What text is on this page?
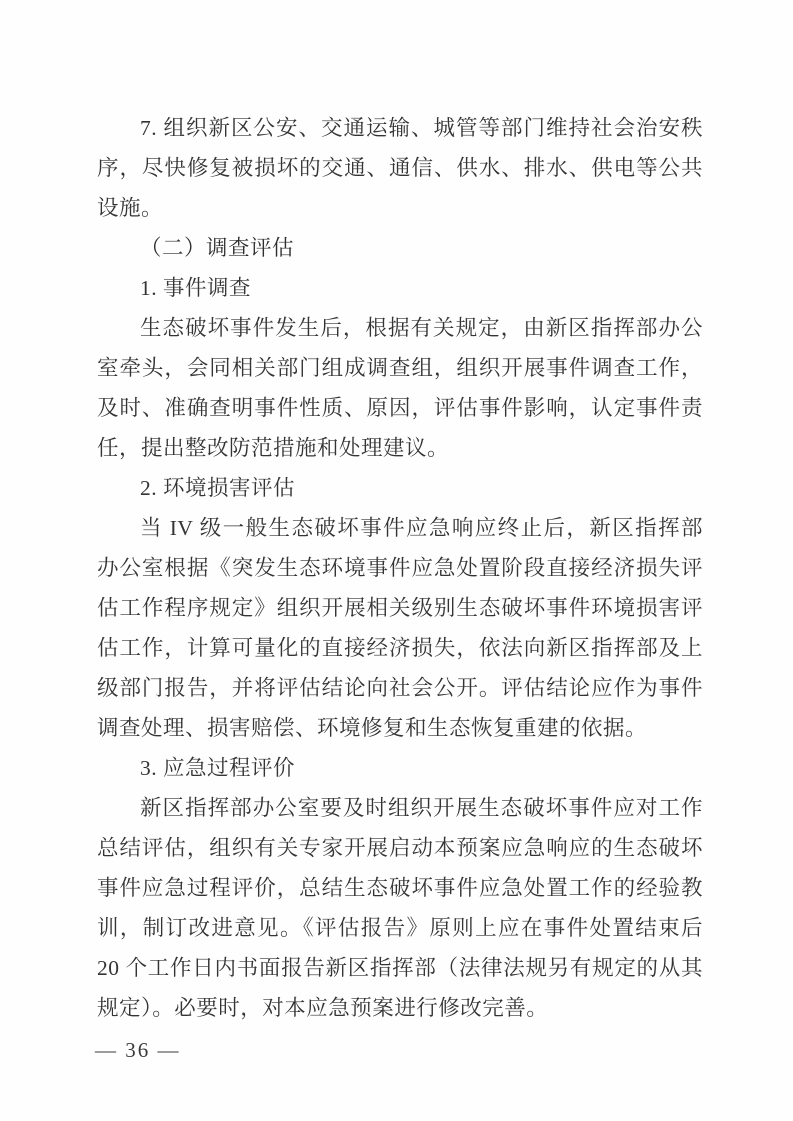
7. 组织新区公安、交通运输、城管等部门维持社会治安秩序，尽快修复被损坏的交通、通信、供水、排水、供电等公共设施。

（二）调查评估
1. 事件调查

生态破坏事件发生后，根据有关规定，由新区指挥部办公室牵头，会同相关部门组成调查组，组织开展事件调查工作，及时、准确查明事件性质、原因，评估事件影响，认定事件责任，提出整改防范措施和处理建议。

2. 环境损害评估

当 IV 级一般生态破坏事件应急响应终止后，新区指挥部办公室根据《突发生态环境事件应急处置阶段直接经济损失评估工作程序规定》组织开展相关级别生态破坏事件环境损害评估工作，计算可量化的直接经济损失，依法向新区指挥部及上级部门报告，并将评估结论向社会公开。评估结论应作为事件调查处理、损害赔偿、环境修复和生态恢复重建的依据。

3. 应急过程评价

新区指挥部办公室要及时组织开展生态破坏事件应对工作总结评估，组织有关专家开展启动本预案应急响应的生态破坏事件应急过程评价，总结生态破坏事件应急处置工作的经验教训，制订改进意见。《评估报告》原则上应在事件处置结束后 20 个工作日内书面报告新区指挥部（法律法规另有规定的从其规定）。必要时，对本应急预案进行修改完善。

— 36 —
